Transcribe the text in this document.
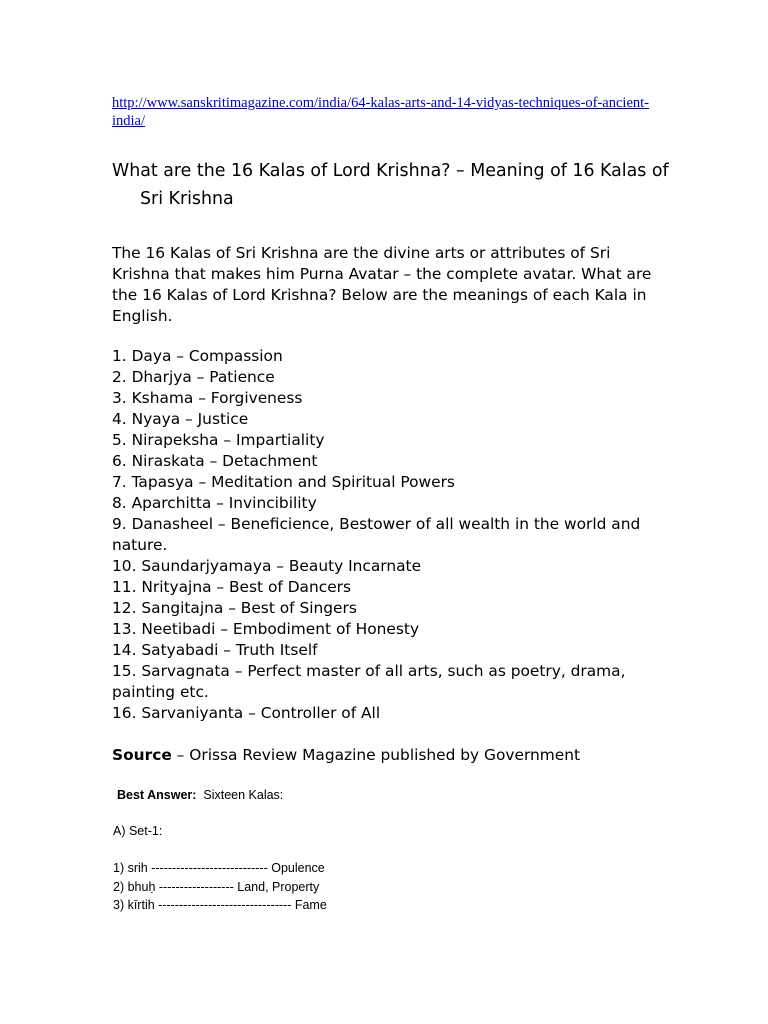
http://www.sanskritimagazine.com/india/64-kalas-arts-and-14-vidyas-techniques-of-ancient-india/
What are the 16 Kalas of Lord Krishna? – Meaning of 16 Kalas of Sri Krishna
The 16 Kalas of Sri Krishna are the divine arts or attributes of Sri Krishna that makes him Purna Avatar – the complete avatar. What are the 16 Kalas of Lord Krishna? Below are the meanings of each Kala in English.
1. Daya – Compassion
2. Dharjya – Patience
3. Kshama – Forgiveness
4. Nyaya – Justice
5. Nirapeksha – Impartiality
6. Niraskata – Detachment
7. Tapasya – Meditation and Spiritual Powers
8. Aparchitta – Invincibility
9. Danasheel – Beneficience, Bestower of all wealth in the world and nature.
10. Saundarjyamaya – Beauty Incarnate
11. Nrityajna – Best of Dancers
12. Sangitajna – Best of Singers
13. Neetibadi – Embodiment of Honesty
14. Satyabadi – Truth Itself
15. Sarvagnata – Perfect master of all arts, such as poetry, drama, painting etc.
16. Sarvaniyanta – Controller of All
Source – Orissa Review Magazine published by Government
Best Answer:  Sixteen Kalas:
A) Set-1:
1) srih ---------------------------- Opulence
2) bhuḥ ------------------ Land, Property
3) kīrtih -------------------------------- Fame
